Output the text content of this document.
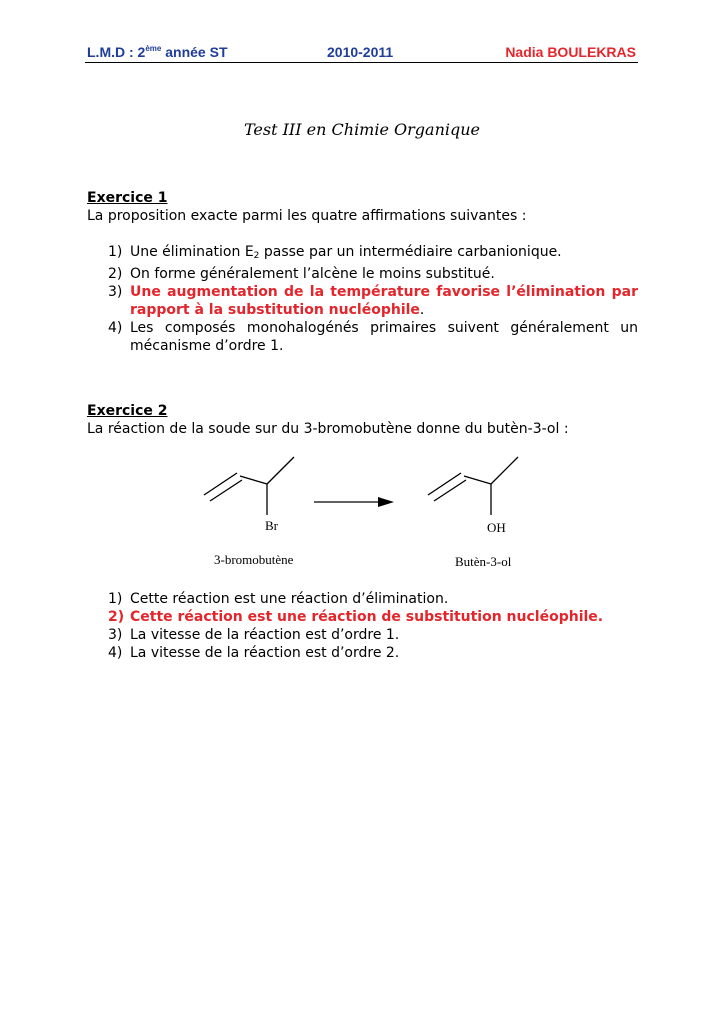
L.M.D : 2ème année ST	2010-2011	Nadia BOULEKRAS
Test III en Chimie Organique

Exercice 1

La proposition exacte parmi les quatre affirmations suivantes :

1) Une élimination $E_2$ passe par un intermédiaire carbanionique.
2) On forme généralement l’alcène le moins substitué.
3) Une augmentation de la température favorise l’élimination par rapport à la substitution nucléophile.
4) Les composés monohalogénés primaires suivent généralement un mécanisme d’ordre 1.

Exercice 2

La réaction de la soude sur du 3-bromobutène donne du butèn-3-ol :

Br
3-bromobutène
OH
Butèn-3-ol
1) Cette réaction est une réaction d’élimination.
2) Cette réaction est une réaction de substitution nucléophile.
3) La vitesse de la réaction est d’ordre 1.
4) La vitesse de la réaction est d’ordre 2.
